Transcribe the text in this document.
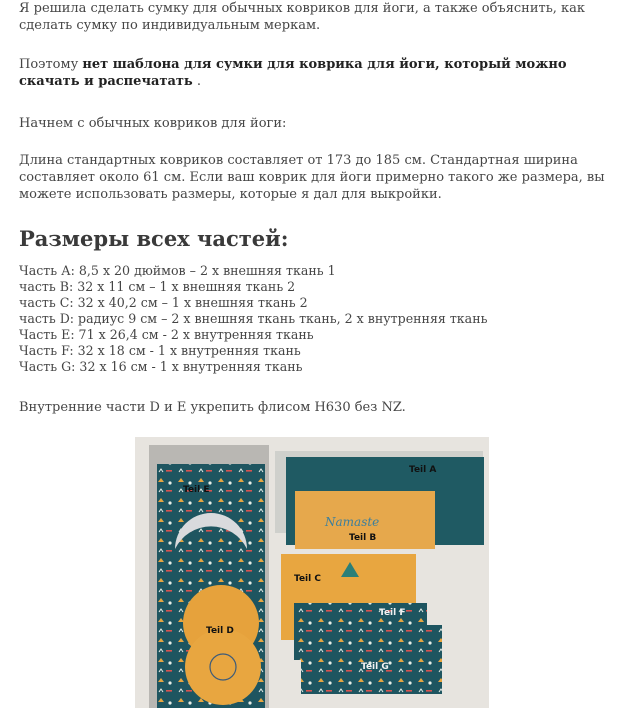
Я решила сделать сумку для обычных ковриков для йоги, а также объяснить, как сделать сумку по индивидуальным меркам.

Поэтому нет шаблона для сумки для коврика для йоги, который можно скачать и распечатать .

Начнем с обычных ковриков для йоги:

Длина стандартных ковриков составляет от 173 до 185 см. Стандартная ширина составляет около 61 см. Если ваш коврик для йоги примерно такого же размера, вы можете использовать размеры, которые я дал для выкройки.

Размеры всех частей:
Часть А: 8,5 x 20 дюймов – 2 x внешняя ткань 1
часть B: 32 x 11 см – 1 x внешняя ткань 2
часть C: 32 x 40,2 см – 1 x внешняя ткань 2
часть D: радиус 9 см – 2 x внешняя ткань ткань, 2 x внутренняя ткань
Часть E: 71 x 26,4 см - 2 x внутренняя ткань
Часть F: 32 x 18 см - 1 x внутренняя ткань
Часть G: 32 x 16 см - 1 x внутренняя ткань

Внутренние части D и E укрепить флисом H630 без NZ.

Namaste
Teil A
Teil B
Teil C
Teil D
Teil E
Teil F
Teil G
